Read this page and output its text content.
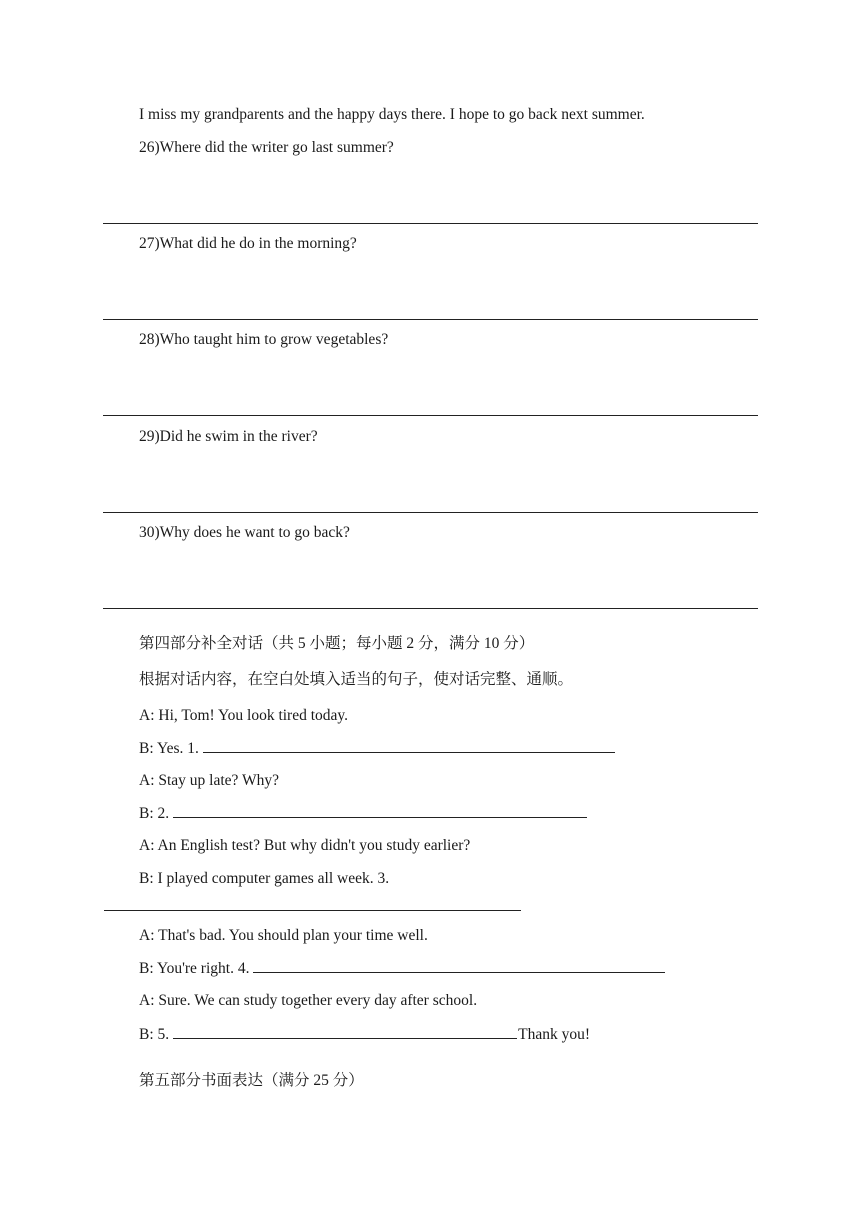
I miss my grandparents and the happy days there. I hope to go back next summer.
26)Where did the writer go last summer?
27)What did he do in the morning?
28)Who taught him to grow vegetables?
29)Did he swim in the river?
30)Why does he want to go back?
第四部分补全对话（共 5 小题；每小题 2 分，满分 10 分）
根据对话内容，在空白处填入适当的句子，使对话完整、通顺。
A: Hi, Tom! You look tired today.
B: Yes. 1.
A: Stay up late? Why?
B: 2.
A: An English test? But why didn't you study earlier?
B: I played computer games all week. 3.
A: That's bad. You should plan your time well.
B: You're right. 4.
A: Sure. We can study together every day after school.
B: 5.	Thank you!
第五部分书面表达（满分 25 分）
